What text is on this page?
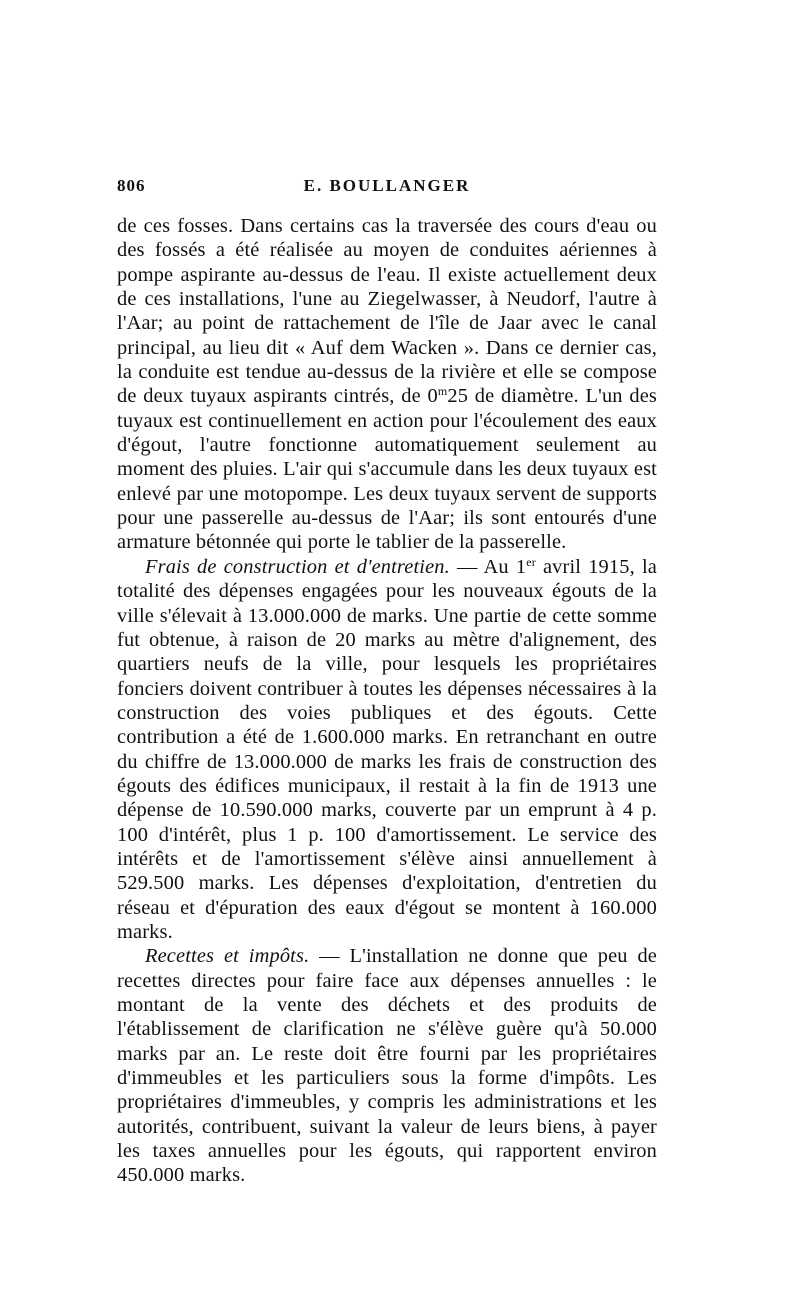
806	E. BOULLANGER

de ces fosses. Dans certains cas la traversée des cours d'eau ou des fossés a été réalisée au moyen de conduites aériennes à pompe aspirante au-dessus de l'eau. Il existe actuellement deux de ces installations, l'une au Ziegelwasser, à Neudorf, l'autre à l'Aar; au point de rattachement de l'île de Jaar avec le canal principal, au lieu dit « Auf dem Wacken ». Dans ce dernier cas, la conduite est tendue au-dessus de la rivière et elle se compose de deux tuyaux aspirants cintrés, de 0$^m$25 de diamètre. L'un des tuyaux est continuellement en action pour l'écoulement des eaux d'égout, l'autre fonctionne automatiquement seulement au moment des pluies. L'air qui s'accumule dans les deux tuyaux est enlevé par une motopompe. Les deux tuyaux servent de supports pour une passerelle au-dessus de l'Aar; ils sont entourés d'une armature bétonnée qui porte le tablier de la passerelle.

Frais de construction et d'entretien. — Au 1er avril 1915, la totalité des dépenses engagées pour les nouveaux égouts de la ville s'élevait à 13.000.000 de marks. Une partie de cette somme fut obtenue, à raison de 20 marks au mètre d'alignement, des quartiers neufs de la ville, pour lesquels les propriétaires fonciers doivent contribuer à toutes les dépenses nécessaires à la construction des voies publiques et des égouts. Cette contribution a été de 1.600.000 marks. En retranchant en outre du chiffre de 13.000.000 de marks les frais de construction des égouts des édifices municipaux, il restait à la fin de 1913 une dépense de 10.590.000 marks, couverte par un emprunt à 4 p. 100 d'intérêt, plus 1 p. 100 d'amortissement. Le service des intérêts et de l'amortissement s'élève ainsi annuellement à 529.500 marks. Les dépenses d'exploitation, d'entretien du réseau et d'épuration des eaux d'égout se montent à 160.000 marks.

Recettes et impôts. — L'installation ne donne que peu de recettes directes pour faire face aux dépenses annuelles : le montant de la vente des déchets et des produits de l'établissement de clarification ne s'élève guère qu'à 50.000 marks par an. Le reste doit être fourni par les propriétaires d'immeubles et les particuliers sous la forme d'impôts. Les propriétaires d'immeubles, y compris les administrations et les autorités, contribuent, suivant la valeur de leurs biens, à payer les taxes annuelles pour les égouts, qui rapportent environ 450.000 marks.
